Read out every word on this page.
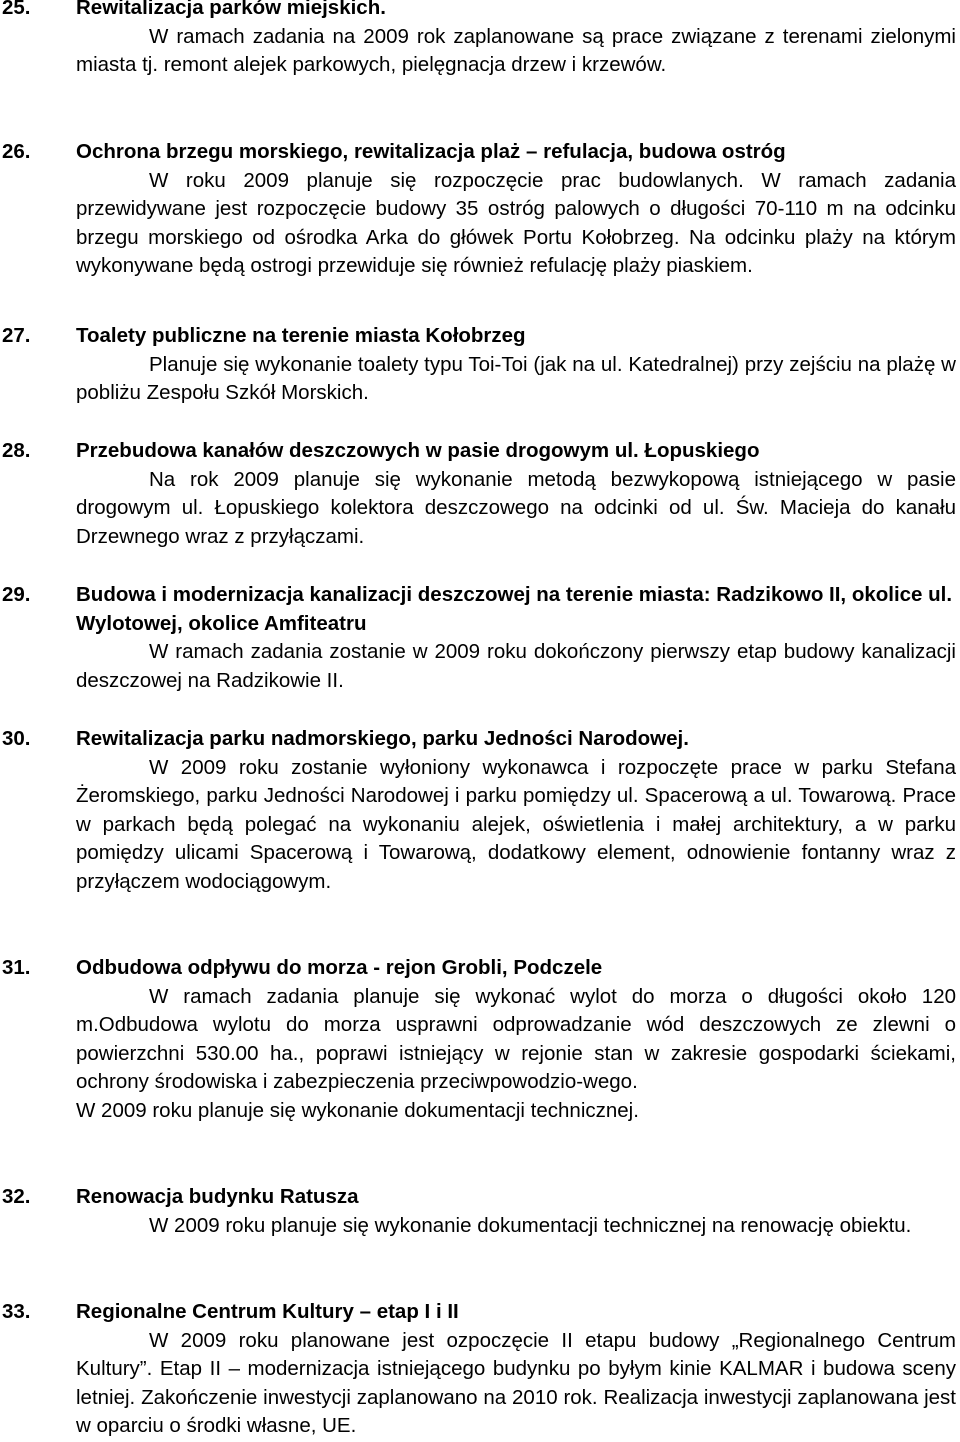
25. Rewitalizacja parków miejskich.

W ramach zadania na 2009 rok zaplanowane są prace związane z terenami zielonymi miasta tj. remont alejek parkowych, pielęgnacja drzew i krzewów.

26. Ochrona brzegu morskiego, rewitalizacja plaż – refulacja, budowa ostróg

W roku 2009 planuje się rozpoczęcie prac budowlanych. W ramach zadania przewidywane jest rozpoczęcie budowy 35 ostróg palowych o długości 70-110 m na odcinku brzegu morskiego od ośrodka Arka do główek Portu Kołobrzeg. Na odcinku plaży na którym wykonywane będą ostrogi przewiduje się również refulację plaży piaskiem.

27. Toalety publiczne na terenie miasta Kołobrzeg

Planuje się wykonanie toalety typu Toi-Toi (jak na ul. Katedralnej) przy zejściu na plażę w pobliżu Zespołu Szkół Morskich.

28. Przebudowa kanałów deszczowych w pasie drogowym ul. Łopuskiego

Na rok 2009 planuje się wykonanie metodą bezwykopową istniejącego w pasie drogowym ul. Łopuskiego kolektora deszczowego na odcinki od ul. Św. Macieja do kanału Drzewnego wraz z przyłączami.

29. Budowa i modernizacja kanalizacji deszczowej na terenie miasta: Radzikowo II, okolice ul. Wylotowej, okolice Amfiteatru

W ramach zadania zostanie w 2009 roku dokończony pierwszy etap budowy kanalizacji deszczowej na Radzikowie II.

30. Rewitalizacja parku nadmorskiego, parku Jedności Narodowej.

W 2009 roku zostanie wyłoniony wykonawca i rozpoczęte prace w parku Stefana Żeromskiego, parku Jedności Narodowej i parku pomiędzy ul. Spacerową a ul. Towarową. Prace w parkach będą polegać na wykonaniu alejek, oświetlenia i małej architektury, a w parku pomiędzy ulicami Spacerową i Towarową, dodatkowy element, odnowienie fontanny wraz z przyłączem wodociągowym.

31. Odbudowa odpływu do morza - rejon Grobli, Podczele

W ramach zadania planuje się wykonać wylot do morza o długości około 120 m.Odbudowa wylotu do morza usprawni odprowadzanie wód deszczowych ze zlewni o powierzchni 530.00 ha., poprawi istniejący w rejonie stan w zakresie gospodarki ściekami, ochrony środowiska i zabezpieczenia przeciwpowodzio-wego.

W 2009 roku planuje się wykonanie dokumentacji technicznej.

32. Renowacja budynku Ratusza

W 2009 roku planuje się wykonanie dokumentacji technicznej na renowację obiektu.

33. Regionalne Centrum Kultury – etap I i II

W 2009 roku planowane jest ozpoczęcie II etapu budowy „Regionalnego Centrum Kultury”. Etap II – modernizacja istniejącego budynku po byłym kinie KALMAR i budowa sceny letniej. Zakończenie inwestycji zaplanowano na 2010 rok. Realizacja inwestycji zaplanowana jest w oparciu o środki własne, UE.
